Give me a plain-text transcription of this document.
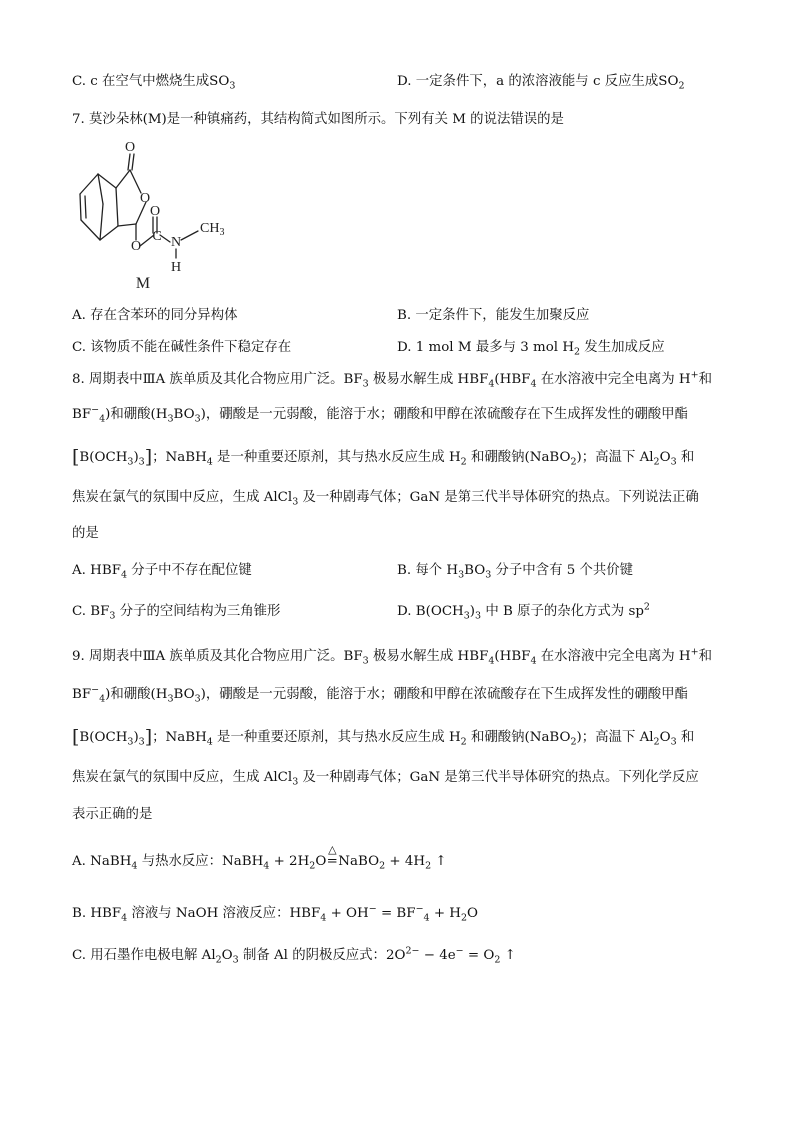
C. c 在空气中燃烧生成$SO_3$	D. 一定条件下，a 的浓溶液能与 c 反应生成$SO_2$
7. 莫沙朵林(M)是一种镇痛药，其结构简式如图所示。下列有关 M 的说法错误的是
O
O
O
O
C N
H
$CH_3$
M
A. 存在含苯环的同分异构体	B. 一定条件下，能发生加聚反应
C. 该物质不能在碱性条件下稳定存在	D. 1 mol M 最多与 3 mol $H_2$ 发生加成反应
8. 周期表中ⅢA 族单质及其化合物应用广泛。$BF_3$ 极易水解生成 $HBF_4(HBF_4$ 在水溶液中完全电离为 H+和
$BF^-_4$)和硼酸$(H_3BO_3)$，硼酸是一元弱酸，能溶于水；硼酸和甲醇在浓硫酸存在下生成挥发性的硼酸甲酯
$[B(OCH_3)_3]$；NaBH$_4$ 是一种重要还原剂，其与热水反应生成 $H_2$ 和硼酸钠(NaBO$_2$)；高温下 $Al_2O_3$ 和
焦炭在氯气的氛围中反应，生成 AlCl$_3$ 及一种剧毒气体；GaN 是第三代半导体研究的热点。下列说法正确
的是
A. $HBF_4$ 分子中不存在配位键	B. 每个 $H_3BO_3$ 分子中含有 5 个共价键
C. $BF_3$ 分子的空间结构为三角锥形	D. $B(OCH_3)_3$ 中 B 原子的杂化方式为 $sp^2$
9. 周期表中ⅢA 族单质及其化合物应用广泛。$BF_3$ 极易水解生成 $HBF_4(HBF_4$ 在水溶液中完全电离为 H+和
$BF^-_4$)和硼酸$(H_3BO_3)$，硼酸是一元弱酸，能溶于水；硼酸和甲醇在浓硫酸存在下生成挥发性的硼酸甲酯
$[B(OCH_3)_3]$；NaBH$_4$ 是一种重要还原剂，其与热水反应生成 $H_2$ 和硼酸钠(NaBO$_2$)；高温下 $Al_2O_3$ 和
焦炭在氯气的氛围中反应，生成 AlCl$_3$ 及一种剧毒气体；GaN 是第三代半导体研究的热点。下列化学反应
表示正确的是
A. NaBH$_4$ 与热水反应：NaBH$_4$ + $2H_2O$
△
=NaBO$_2$ + $4H_2$ ↑
B. $HBF_4$ 溶液与 NaOH 溶液反应：$HBF_4 + OH^- = BF^-_4 + H_2O$
C. 用石墨作电极电解 $Al_2O_3$ 制备 Al 的阴极反应式：$2O^{2-} - 4e^- = O_2$ ↑
